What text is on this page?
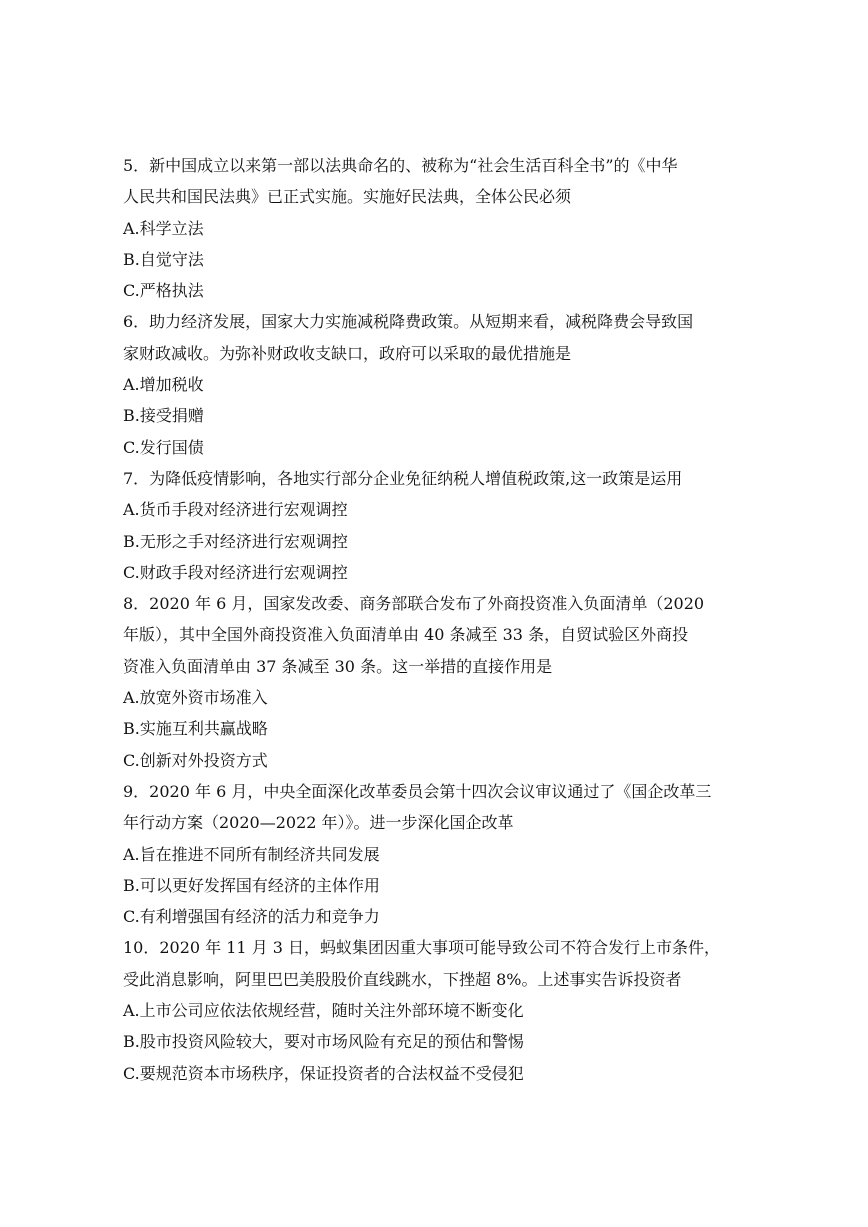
5．新中国成立以来第一部以法典命名的、被称为“社会生活百科全书”的《中华
人民共和国民法典》已正式实施。实施好民法典，全体公民必须
A.科学立法
B.自觉守法
C.严格执法
6．助力经济发展，国家大力实施减税降费政策。从短期来看，减税降费会导致国
家财政减收。为弥补财政收支缺口，政府可以采取的最优措施是
A.增加税收
B.接受捐赠
C.发行国债
7．为降低疫情影响，各地实行部分企业免征纳税人增值税政策,这一政策是运用
A.货币手段对经济进行宏观调控
B.无形之手对经济进行宏观调控
C.财政手段对经济进行宏观调控
8．2020 年 6 月，国家发改委、商务部联合发布了外商投资准入负面清单（2020
年版），其中全国外商投资准入负面清单由 40 条减至 33 条，自贸试验区外商投
资准入负面清单由 37 条减至 30 条。这一举措的直接作用是
A.放宽外资市场准入
B.实施互利共赢战略
C.创新对外投资方式
9．2020 年 6 月，中央全面深化改革委员会第十四次会议审议通过了《国企改革三
年行动方案（2020—2022 年）》。进一步深化国企改革
A.旨在推进不同所有制经济共同发展
B.可以更好发挥国有经济的主体作用
C.有利增强国有经济的活力和竞争力
10．2020 年 11 月 3 日，蚂蚁集团因重大事项可能导致公司不符合发行上市条件，
受此消息影响，阿里巴巴美股股价直线跳水，下挫超 8%。上述事实告诉投资者
A.上市公司应依法依规经营，随时关注外部环境不断变化
B.股市投资风险较大，要对市场风险有充足的预估和警惕
C.要规范资本市场秩序，保证投资者的合法权益不受侵犯
